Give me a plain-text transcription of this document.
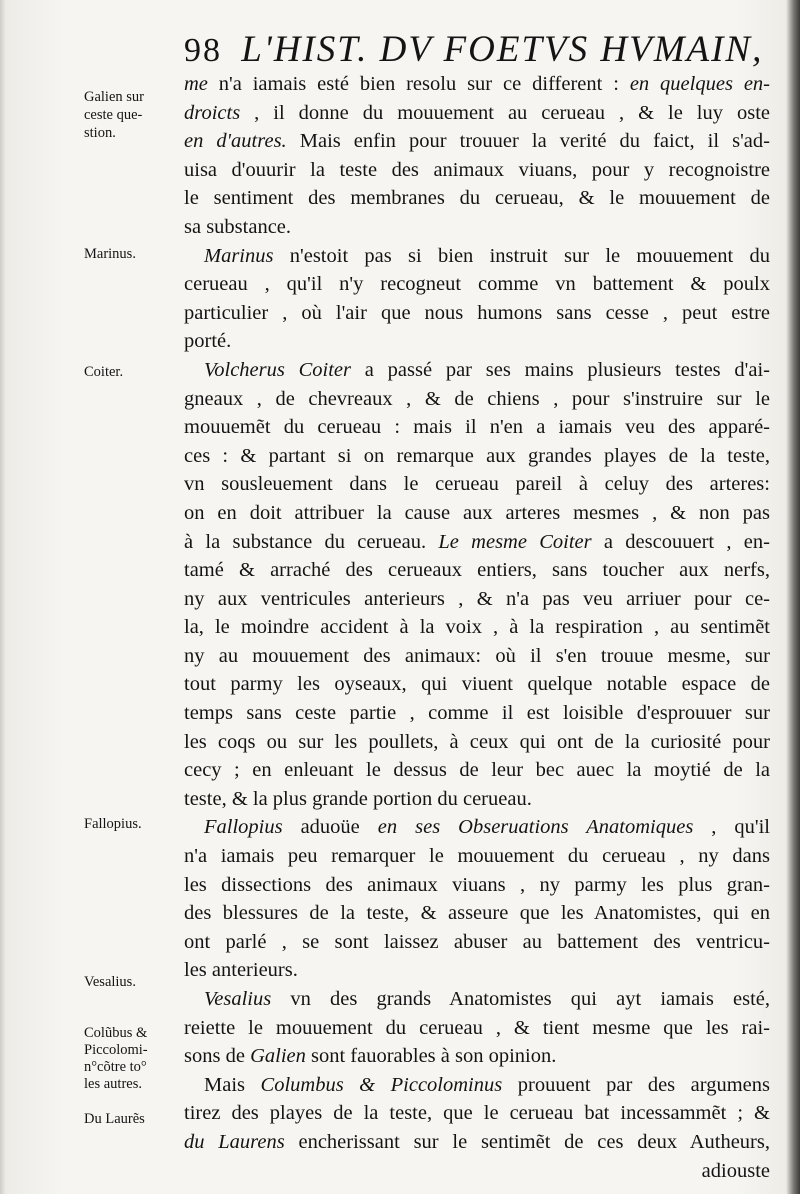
98 L'HIST. DV FOETVS HVMAIN,
Galien sur
ceste que-
stion.
Marinus.
Coiter.
Fallopius.
Vesalius.
Colũbus &
Piccolomi-
n°cõtre to°
les autres.
Du Laurẽs
me n'a iamais esté bien resolu sur ce different : en quelques en-
droicts , il donne du mouuement au cerueau , & le luy oste
en d'autres. Mais enfin pour trouuer la verité du faict, il s'ad-
uisa d'ouurir la teste des animaux viuans, pour y recognoistre
le sentiment des membranes du cerueau, & le mouuement de
sa substance.
Marinus n'estoit pas si bien instruit sur le mouuement du
cerueau , qu'il n'y recogneut comme vn battement & poulx
particulier , où l'air que nous humons sans cesse , peut estre
porté.
Volcherus Coiter a passé par ses mains plusieurs testes d'ai-
gneaux , de chevreaux , & de chiens , pour s'instruire sur le
mouuemẽt du cerueau : mais il n'en a iamais veu des apparé-
ces : & partant si on remarque aux grandes playes de la teste,
vn sousleuement dans le cerueau pareil à celuy des arteres:
on en doit attribuer la cause aux arteres mesmes , & non pas
à la substance du cerueau. Le mesme Coiter a descouuert , en-
tamé & arraché des cerueaux entiers, sans toucher aux nerfs,
ny aux ventricules anterieurs , & n'a pas veu arriuer pour ce-
la, le moindre accident à la voix , à la respiration , au sentimẽt
ny au mouuement des animaux: où il s'en trouue mesme, sur
tout parmy les oyseaux, qui viuent quelque notable espace de
temps sans ceste partie , comme il est loisible d'esprouuer sur
les coqs ou sur les poullets, à ceux qui ont de la curiosité pour
cecy ; en enleuant le dessus de leur bec auec la moytié de la
teste, & la plus grande portion du cerueau.
Fallopius aduoüe en ses Obseruations Anatomiques , qu'il
n'a iamais peu remarquer le mouuement du cerueau , ny dans
les dissections des animaux viuans , ny parmy les plus gran-
des blessures de la teste, & asseure que les Anatomistes, qui en
ont parlé , se sont laissez abuser au battement des ventricu-
les anterieurs.
Vesalius vn des grands Anatomistes qui ayt iamais esté,
reiette le mouuement du cerueau , & tient mesme que les rai-
sons de Galien sont fauorables à son opinion.
Mais Columbus & Piccolominus prouuent par des argumens
tirez des playes de la teste, que le cerueau bat incessammẽt ; &
du Laurens encherissant sur le sentimẽt de ces deux Autheurs,
adiouste
